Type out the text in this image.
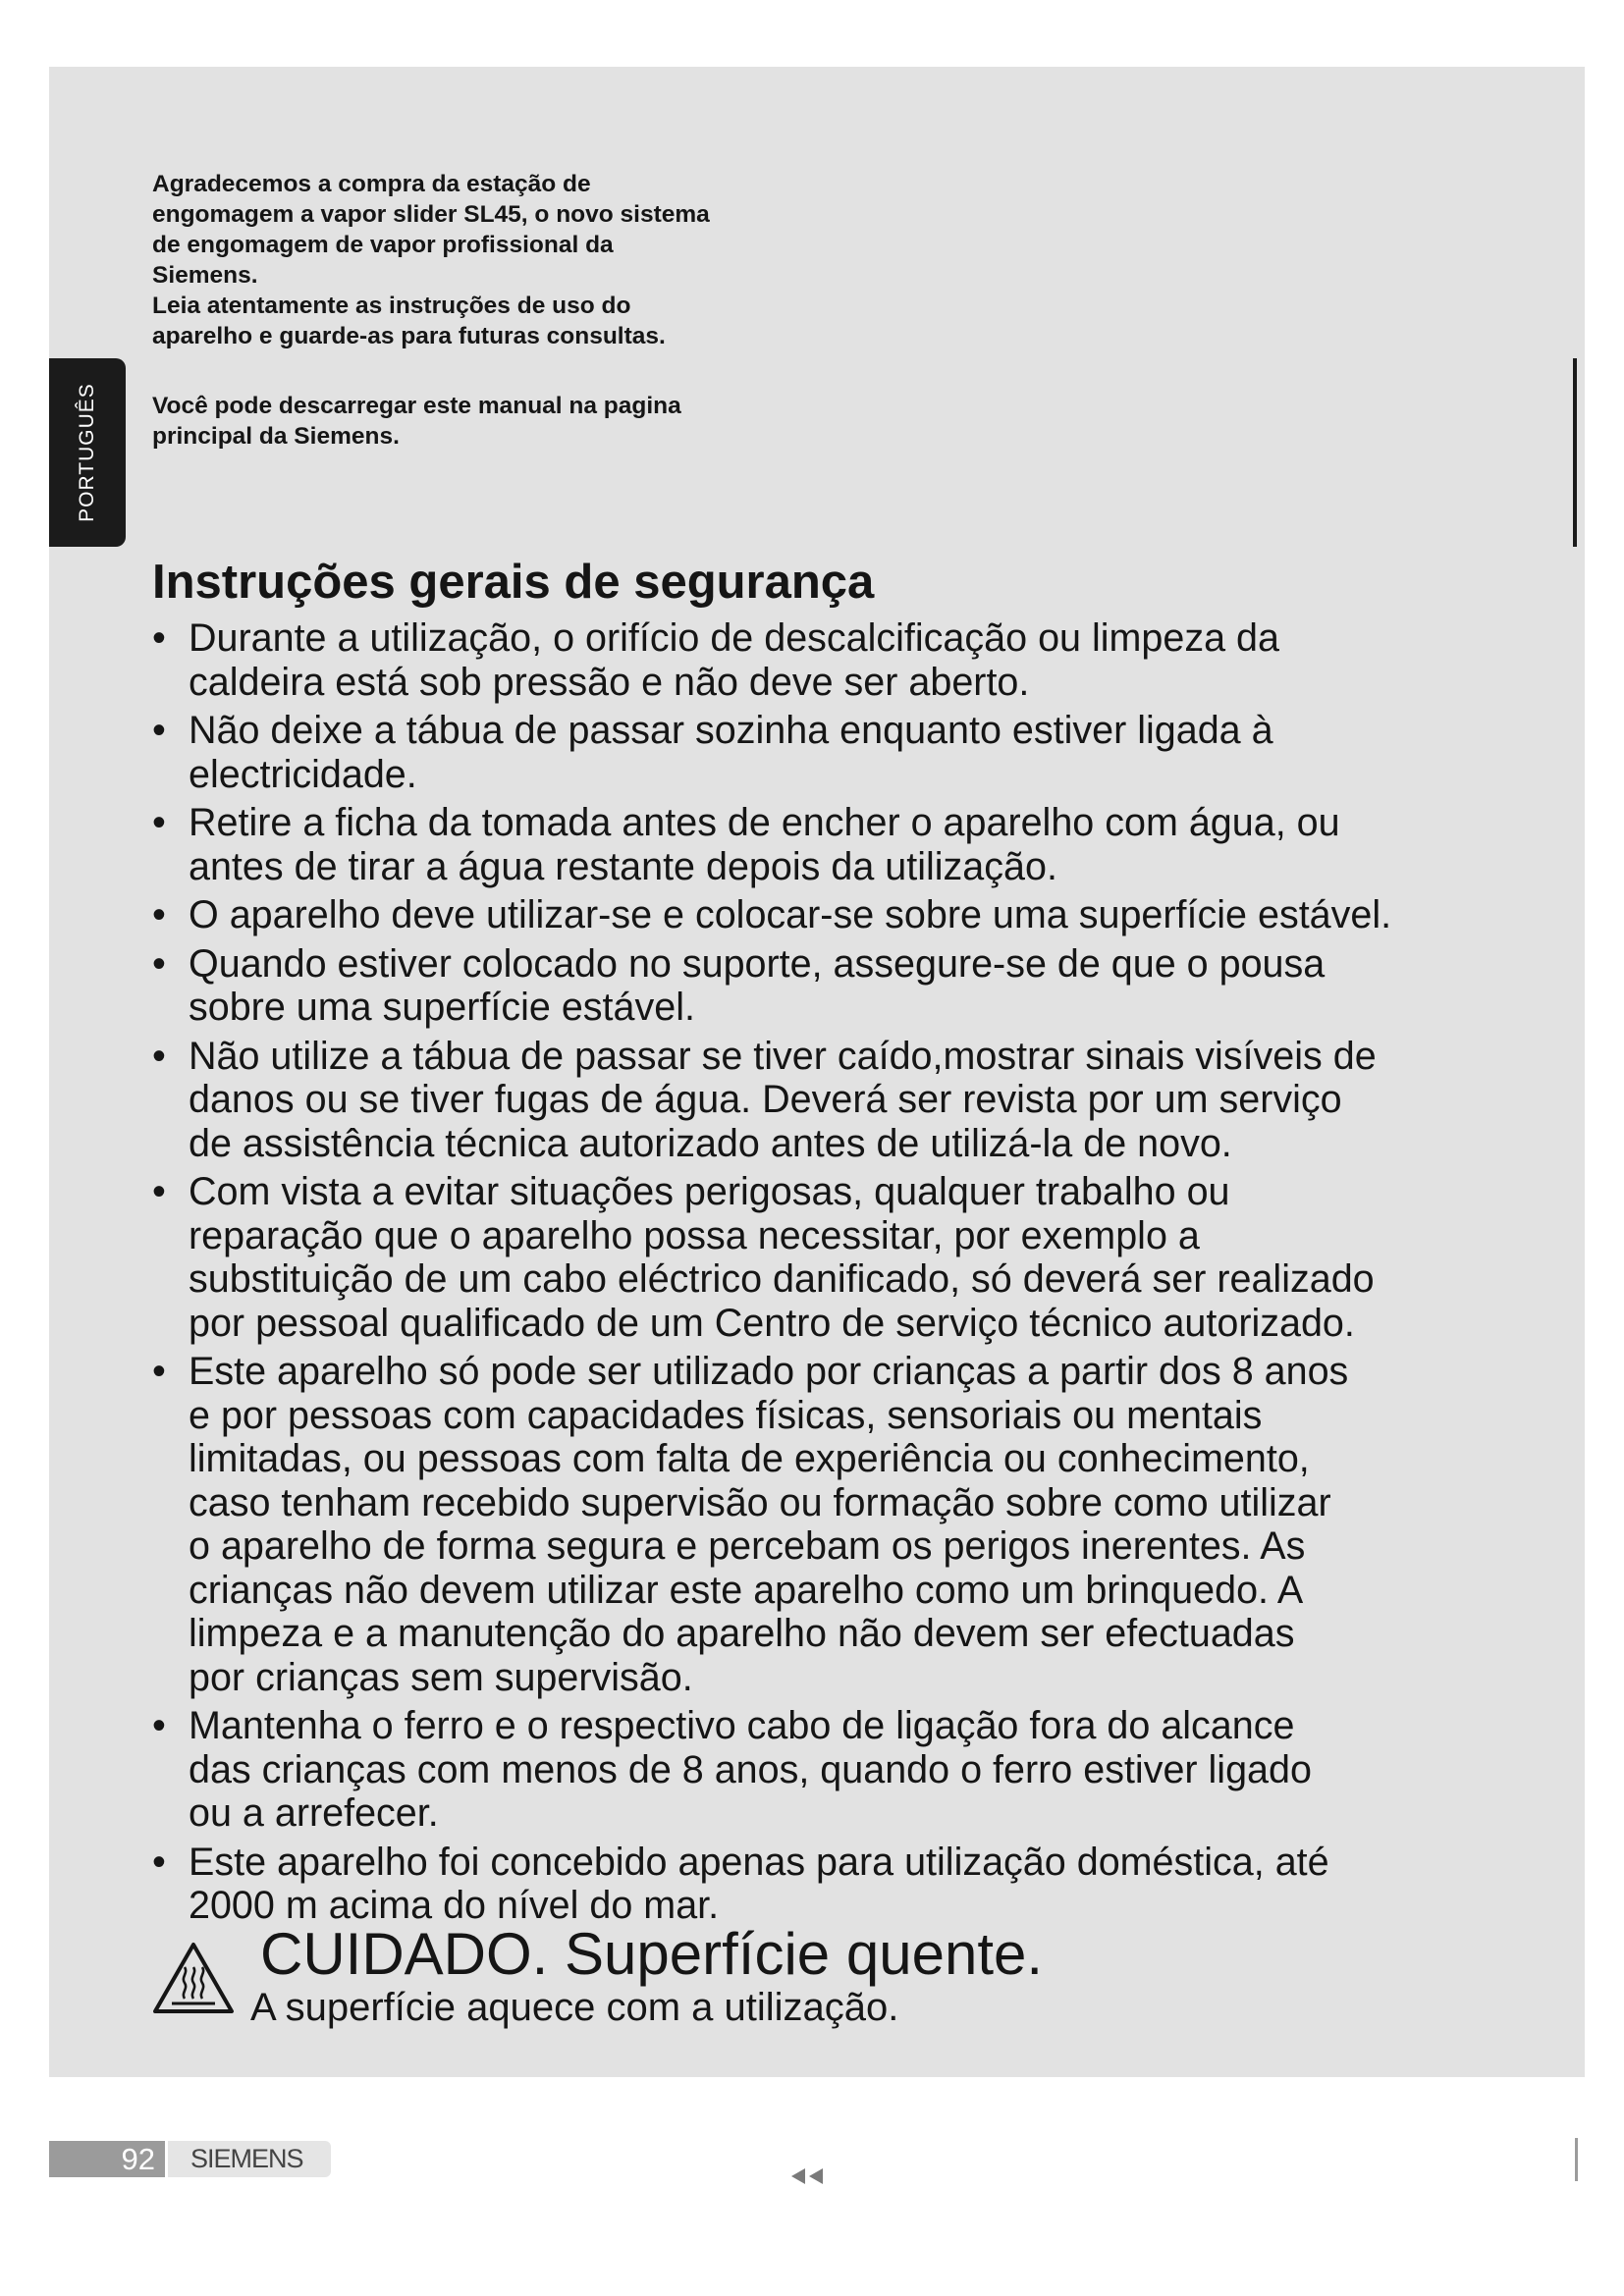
PORTUGUÊS

Agradecemos a compra da estação de
engomagem a vapor slider SL45, o novo sistema
de engomagem de vapor profissional da
Siemens.
Leia atentamente as instruções de uso do
aparelho e guarde-as para futuras consultas.

Você pode descarregar este manual na pagina
principal da Siemens.

Instruções gerais de segurança
• Durante a utilização, o orifício de descalcificação ou limpeza da
caldeira está sob pressão e não deve ser aberto.
• Não deixe a tábua de passar sozinha enquanto estiver ligada à
electricidade.
• Retire a ficha da tomada antes de encher o aparelho com água, ou
antes de tirar a água restante depois da utilização.
• O aparelho deve utilizar-se e colocar-se sobre uma superfície estável.
• Quando estiver colocado no suporte, assegure-se de que o pousa
sobre uma superfície estável.
• Não utilize a tábua de passar se tiver caído,mostrar sinais visíveis de
danos ou se tiver fugas de água. Deverá ser revista por um serviço
de assistência técnica autorizado antes de utilizá-la de novo.
• Com vista a evitar situações perigosas, qualquer trabalho ou
reparação que o aparelho possa necessitar, por exemplo a
substituição de um cabo eléctrico danificado, só deverá ser realizado
por pessoal qualificado de um Centro de serviço técnico autorizado.
• Este aparelho só pode ser utilizado por crianças a partir dos 8 anos
e por pessoas com capacidades físicas, sensoriais ou mentais
limitadas, ou pessoas com falta de experiência ou conhecimento,
caso tenham recebido supervisão ou formação sobre como utilizar
o aparelho de forma segura e percebam os perigos inerentes. As
crianças não devem utilizar este aparelho como um brinquedo. A
limpeza e a manutenção do aparelho não devem ser efectuadas
por crianças sem supervisão.
• Mantenha o ferro e o respectivo cabo de ligação fora do alcance
das crianças com menos de 8 anos, quando o ferro estiver ligado
ou a arrefecer.
• Este aparelho foi concebido apenas para utilização doméstica, até
2000 m acima do nível do mar.
CUIDADO. Superfície quente.
A superfície aquece com a utilização.
92	SIEMENS
